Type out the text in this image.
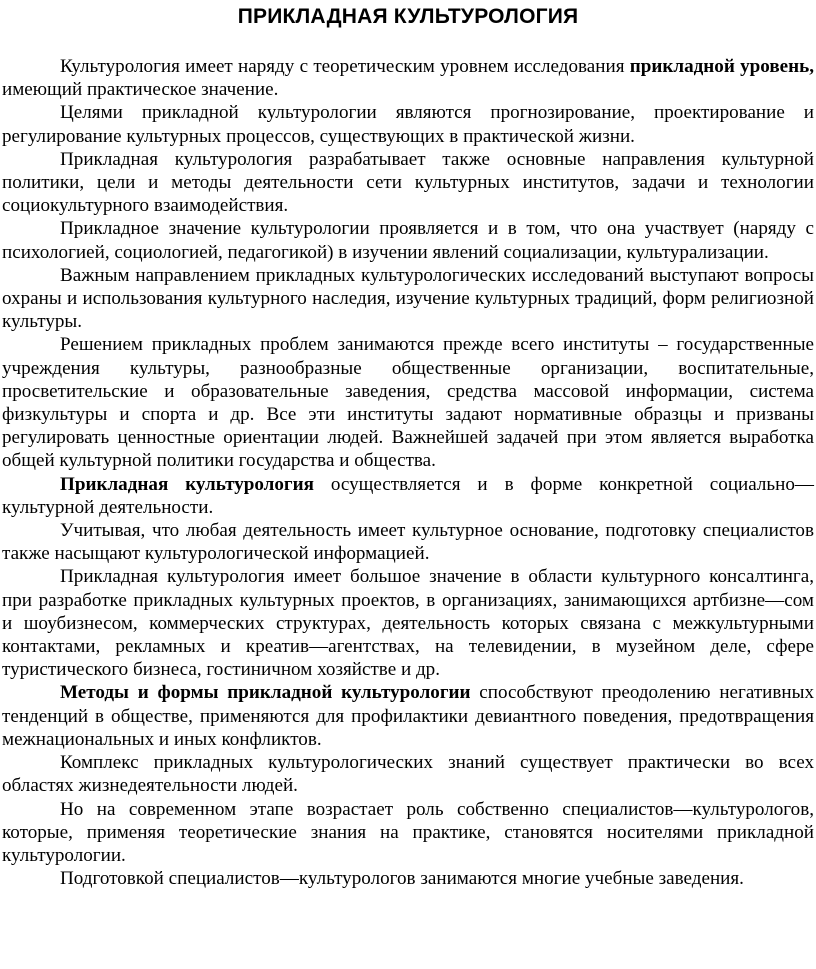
ПРИКЛАДНАЯ КУЛЬТУРОЛОГИЯ

Культурология имеет наряду с теоретическим уровнем исследования прикладной уровень, имеющий практическое значение.

Целями прикладной культурологии являются прогнозирование, проектирование и регулирование культурных процессов, существующих в практической жизни.

Прикладная культурология разрабатывает также основные направления культурной политики, цели и методы деятельности сети культурных институтов, задачи и технологии социокультурного взаимодействия.

Прикладное значение культурологии проявляется и в том, что она участвует (наряду с психологией, социологией, педагогикой) в изучении явлений социализации, культурализации.

Важным направлением прикладных культурологических исследований выступают вопросы охраны и использования культурного наследия, изучение культурных традиций, форм религиозной культуры.

Решением прикладных проблем занимаются прежде всего институты – государственные учреждения культуры, разнообразные общественные организации, воспитательные, просветительские и образовательные заведения, средства массовой информации, система физкультуры и спорта и др. Все эти институты задают нормативные образцы и призваны регулировать ценностные ориентации людей. Важнейшей задачей при этом является выработка общей культурной политики государства и общества.

Прикладная культурология осуществляется и в форме конкретной социально—культурной деятельности.

Учитывая, что любая деятельность имеет культурное основание, подготовку специалистов также насыщают культурологической информацией.

Прикладная культурология имеет большое значение в области культурного консалтинга, при разработке прикладных культурных проектов, в организациях, занимающихся артбизне—сом и шоубизнесом, коммерческих структурах, деятельность которых связана с межкультурными контактами, рекламных и креатив—агентствах, на телевидении, в музейном деле, сфере туристического бизнеса, гостиничном хозяйстве и др.

Методы и формы прикладной культурологии способствуют преодолению негативных тенденций в обществе, применяются для профилактики девиантного поведения, предотвращения межнациональных и иных конфликтов.

Комплекс прикладных культурологических знаний существует практически во всех областях жизнедеятельности людей.

Но на современном этапе возрастает роль собственно специалистов—культурологов, которые, применяя теоретические знания на практике, становятся носителями прикладной культурологии.

Подготовкой специалистов—культурологов занимаются многие учебные заведения.
